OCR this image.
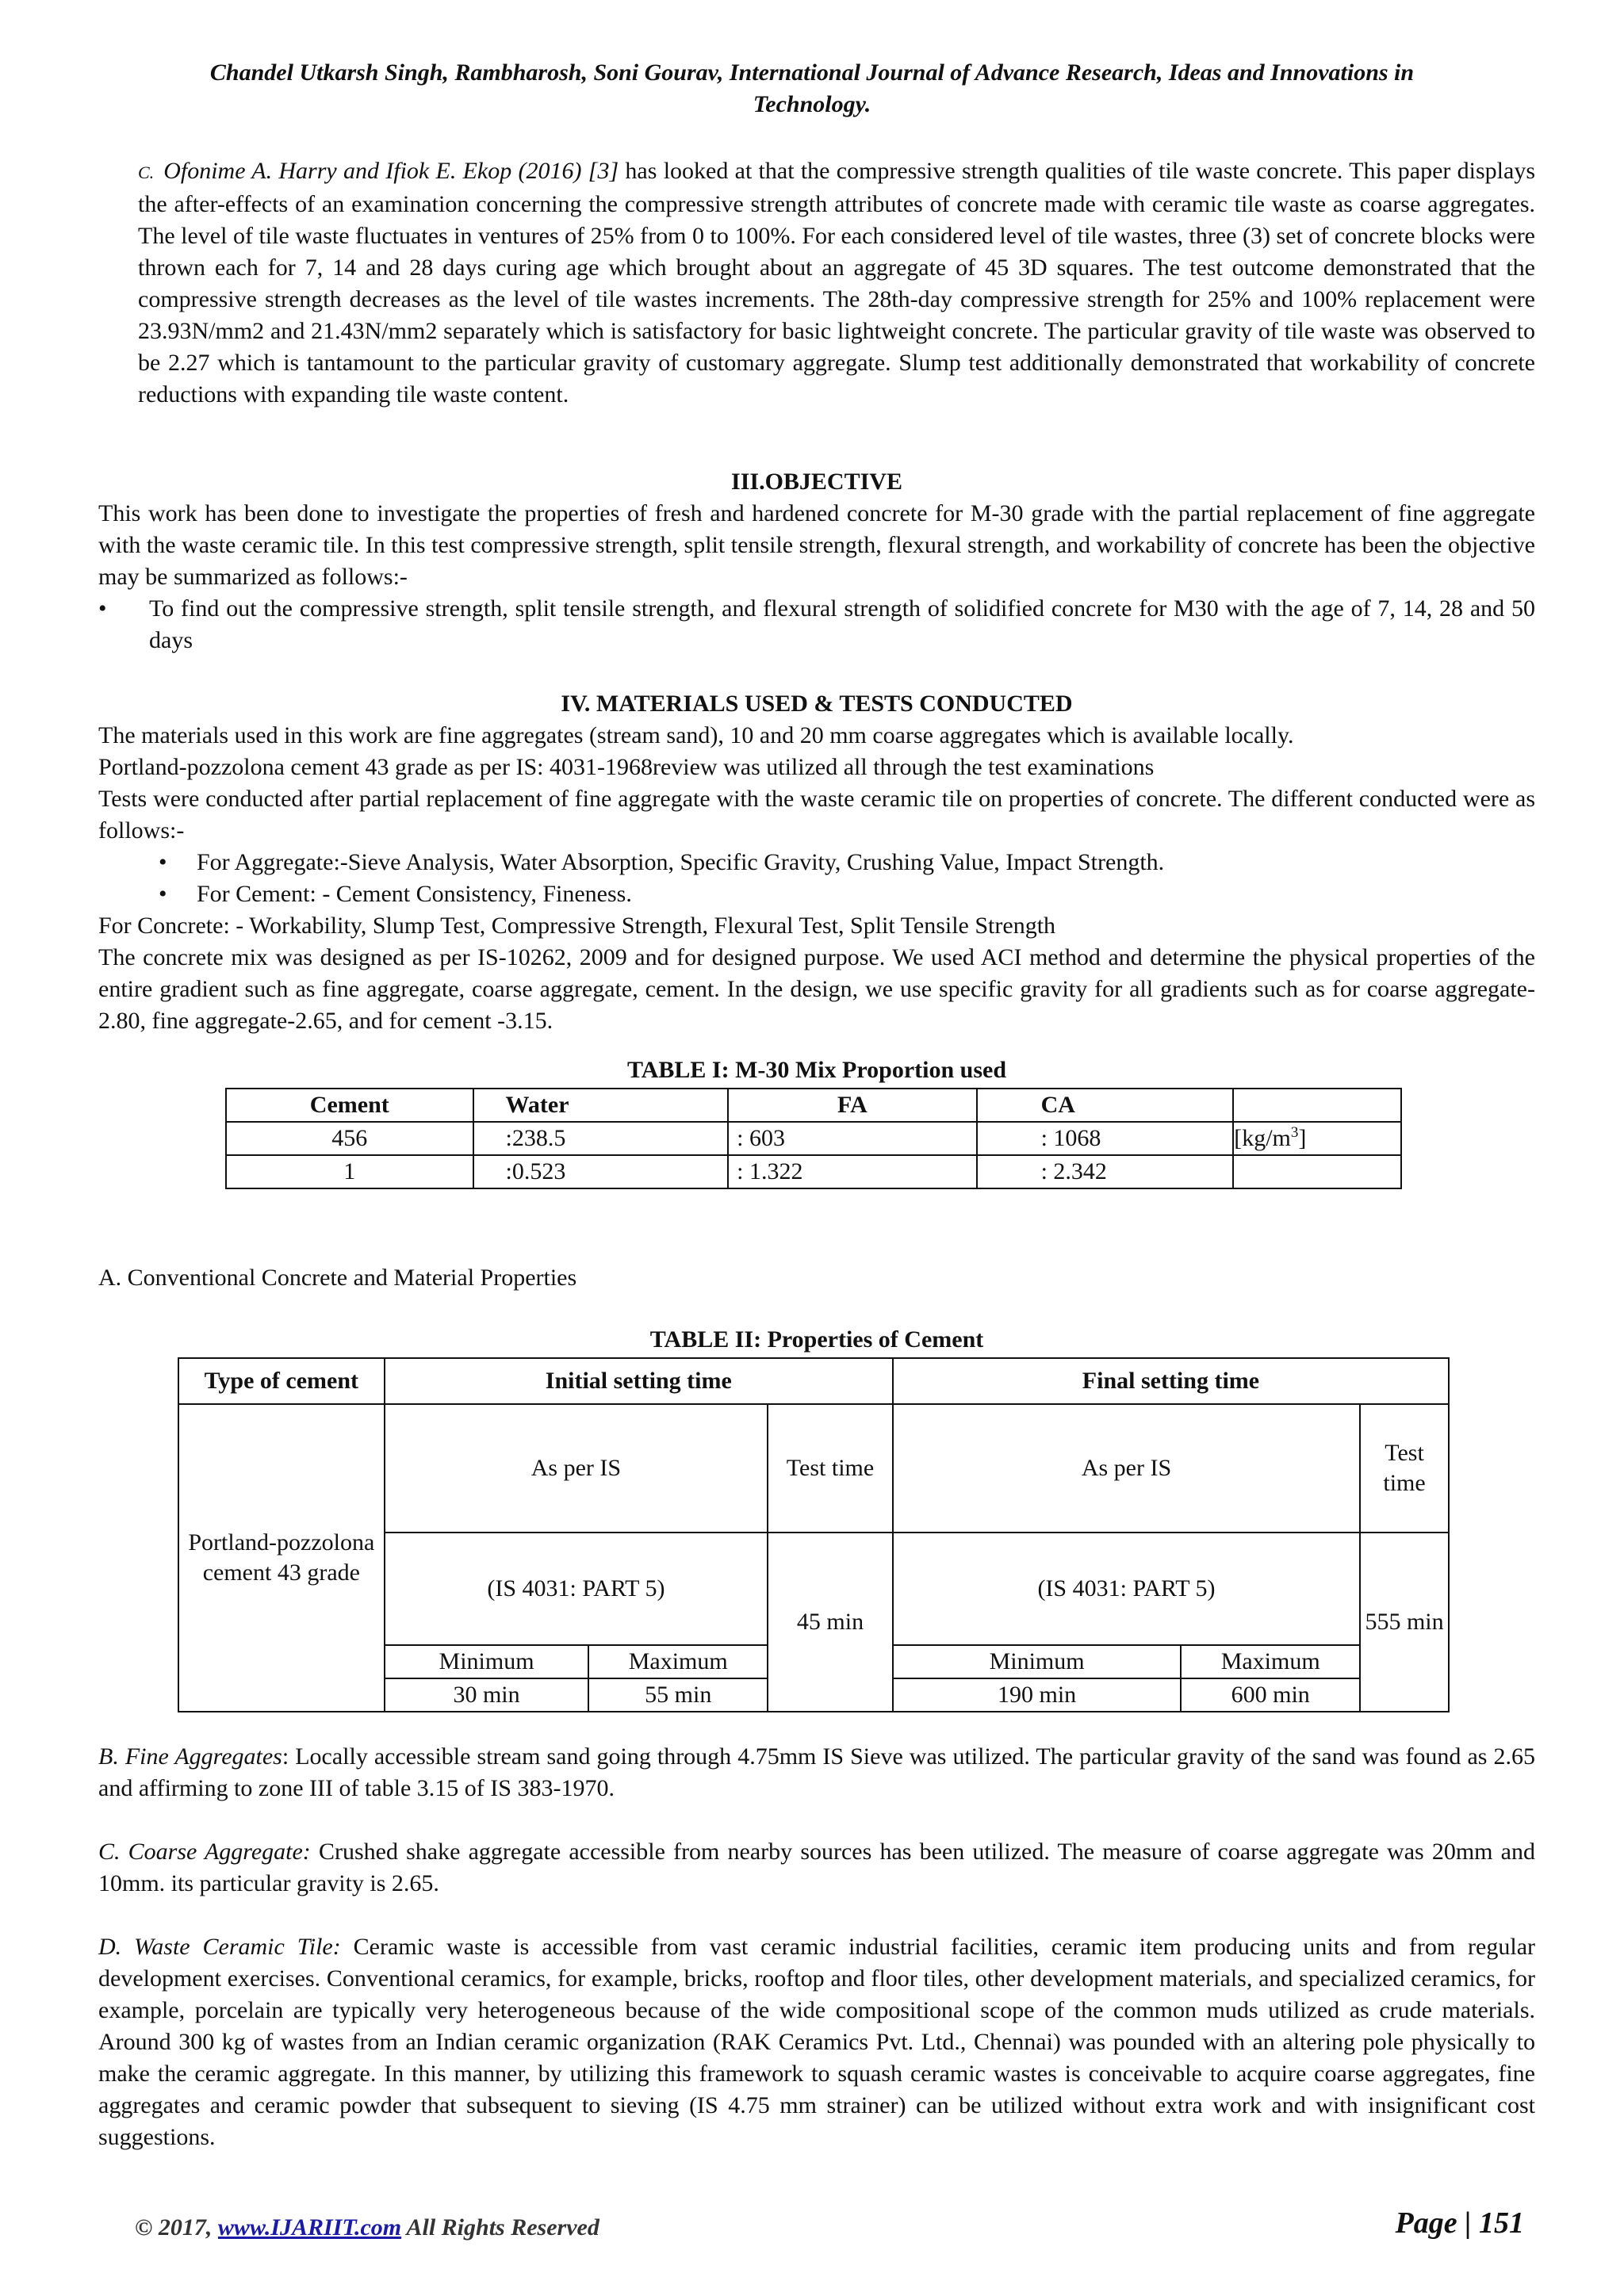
Chandel Utkarsh Singh, Rambharosh, Soni Gourav, International Journal of Advance Research, Ideas and Innovations in
Technology.
C. Ofonime A. Harry and Ifiok E. Ekop (2016) [3] has looked at that the compressive strength qualities of tile waste concrete. This paper displays the after-effects of an examination concerning the compressive strength attributes of concrete made with ceramic tile waste as coarse aggregates. The level of tile waste fluctuates in ventures of 25% from 0 to 100%. For each considered level of tile wastes, three (3) set of concrete blocks were thrown each for 7, 14 and 28 days curing age which brought about an aggregate of 45 3D squares. The test outcome demonstrated that the compressive strength decreases as the level of tile wastes increments. The 28th-day compressive strength for 25% and 100% replacement were 23.93N/mm2 and 21.43N/mm2 separately which is satisfactory for basic lightweight concrete. The particular gravity of tile waste was observed to be 2.27 which is tantamount to the particular gravity of customary aggregate. Slump test additionally demonstrated that workability of concrete reductions with expanding tile waste content.
III.OBJECTIVE
This work has been done to investigate the properties of fresh and hardened concrete for M-30 grade with the partial replacement of fine aggregate with the waste ceramic tile. In this test compressive strength, split tensile strength, flexural strength, and workability of concrete has been the objective may be summarized as follows:-
•	To find out the compressive strength, split tensile strength, and flexural strength of solidified concrete for M30 with the age of 7, 14, 28 and 50 days
IV. MATERIALS USED & TESTS CONDUCTED
The materials used in this work are fine aggregates (stream sand), 10 and 20 mm coarse aggregates which is available locally.
Portland-pozzolona cement 43 grade as per IS: 4031-1968review was utilized all through the test examinations
Tests were conducted after partial replacement of fine aggregate with the waste ceramic tile on properties of concrete. The different conducted were as follows:-
• For Aggregate:-Sieve Analysis, Water Absorption, Specific Gravity, Crushing Value, Impact Strength.
• For Cement: - Cement Consistency, Fineness.
For Concrete: - Workability, Slump Test, Compressive Strength, Flexural Test, Split Tensile Strength
The concrete mix was designed as per IS-10262, 2009 and for designed purpose. We used ACI method and determine the physical properties of the entire gradient such as fine aggregate, coarse aggregate, cement. In the design, we use specific gravity for all gradients such as for coarse aggregate-2.80, fine aggregate-2.65, and for cement -3.15.
TABLE I: M-30 Mix Proportion used
Cement	Water	FA	CA	
456	:238.5	: 603	: 1068	$[kg/m^3]$
1	:0.523	: 1.322	: 2.342	
A. Conventional Concrete and Material Properties
TABLE II: Properties of Cement
Type of cement	Initial setting time			Final setting time		
Portland-pozzolona cement 43 grade	As per IS		Test time	As per IS		Test time
	(IS 4031: PART 5)		45 min	(IS 4031: PART 5)		555 min
	Minimum	Maximum		Minimum	Maximum	
	30 min	55 min		190 min	600 min	
B. Fine Aggregates: Locally accessible stream sand going through 4.75mm IS Sieve was utilized. The particular gravity of the sand was found as 2.65 and affirming to zone III of table 3.15 of IS 383-1970.
C. Coarse Aggregate: Crushed shake aggregate accessible from nearby sources has been utilized. The measure of coarse aggregate was 20mm and 10mm. its particular gravity is 2.65.
D. Waste Ceramic Tile: Ceramic waste is accessible from vast ceramic industrial facilities, ceramic item producing units and from regular development exercises. Conventional ceramics, for example, bricks, rooftop and floor tiles, other development materials, and specialized ceramics, for example, porcelain are typically very heterogeneous because of the wide compositional scope of the common muds utilized as crude materials. Around 300 kg of wastes from an Indian ceramic organization (RAK Ceramics Pvt. Ltd., Chennai) was pounded with an altering pole physically to make the ceramic aggregate. In this manner, by utilizing this framework to squash ceramic wastes is conceivable to acquire coarse aggregates, fine aggregates and ceramic powder that subsequent to sieving (IS 4.75 mm strainer) can be utilized without extra work and with insignificant cost suggestions.
© 2017, www.IJARIIT.com All Rights Reserved	Page | 151
